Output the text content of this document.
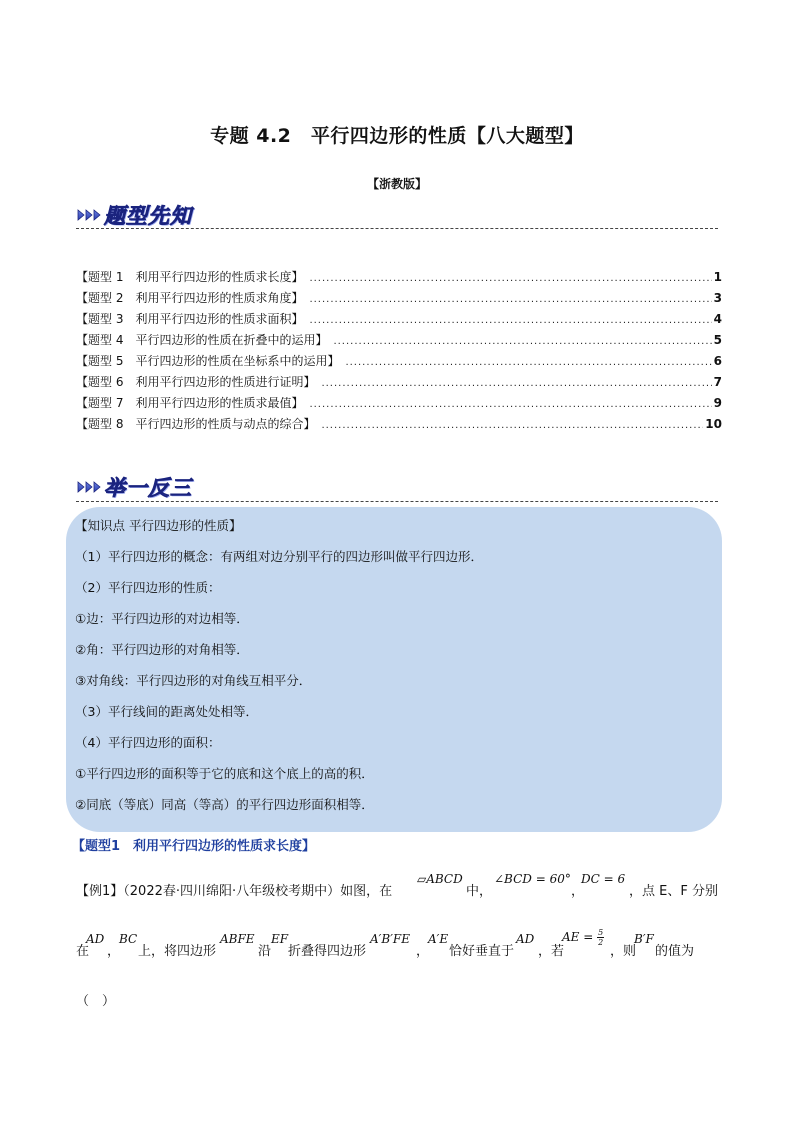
专题 4.2　平行四边形的性质【八大题型】
【浙教版】
题型先知
【题型 1　利用平行四边形的性质求长度】 .....	1
【题型 2　利用平行四边形的性质求角度】 .....	3
【题型 3　利用平行四边形的性质求面积】 .....	4
【题型 4　平行四边形的性质在折叠中的运用】 .....	5
【题型 5　平行四边形的性质在坐标系中的运用】 .....	6
【题型 6　利用平行四边形的性质进行证明】 .....	7
【题型 7　利用平行四边形的性质求最值】 .....	9
【题型 8　平行四边形的性质与动点的综合】 .....	10
举一反三
【知识点 平行四边形的性质】
（1）平行四边形的概念：有两组对边分别平行的四边形叫做平行四边形．
（2）平行四边形的性质：
①边：平行四边形的对边相等．
②角：平行四边形的对角相等．
③对角线：平行四边形的对角线互相平分．
（3）平行线间的距离处处相等．
（4）平行四边形的面积：
①平行四边形的面积等于它的底和这个底上的高的积．
②同底（等底）同高（等高）的平行四边形面积相等．
【题型1　利用平行四边形的性质求长度】
【例1】（2022春·四川绵阳·八年级校考期中）如图，在
▱ABCD
中，
∠BCD = 60°
，
DC = 6
，点 E、F 分别
在
AD
，
BC
上，将四边形
ABFE
沿
EF
折叠得四边形
A′B′FE
，
A′E
恰好垂直于
AD
，若
AE = $\frac{5}{2}$
，则
B′F
的值为
（　）
